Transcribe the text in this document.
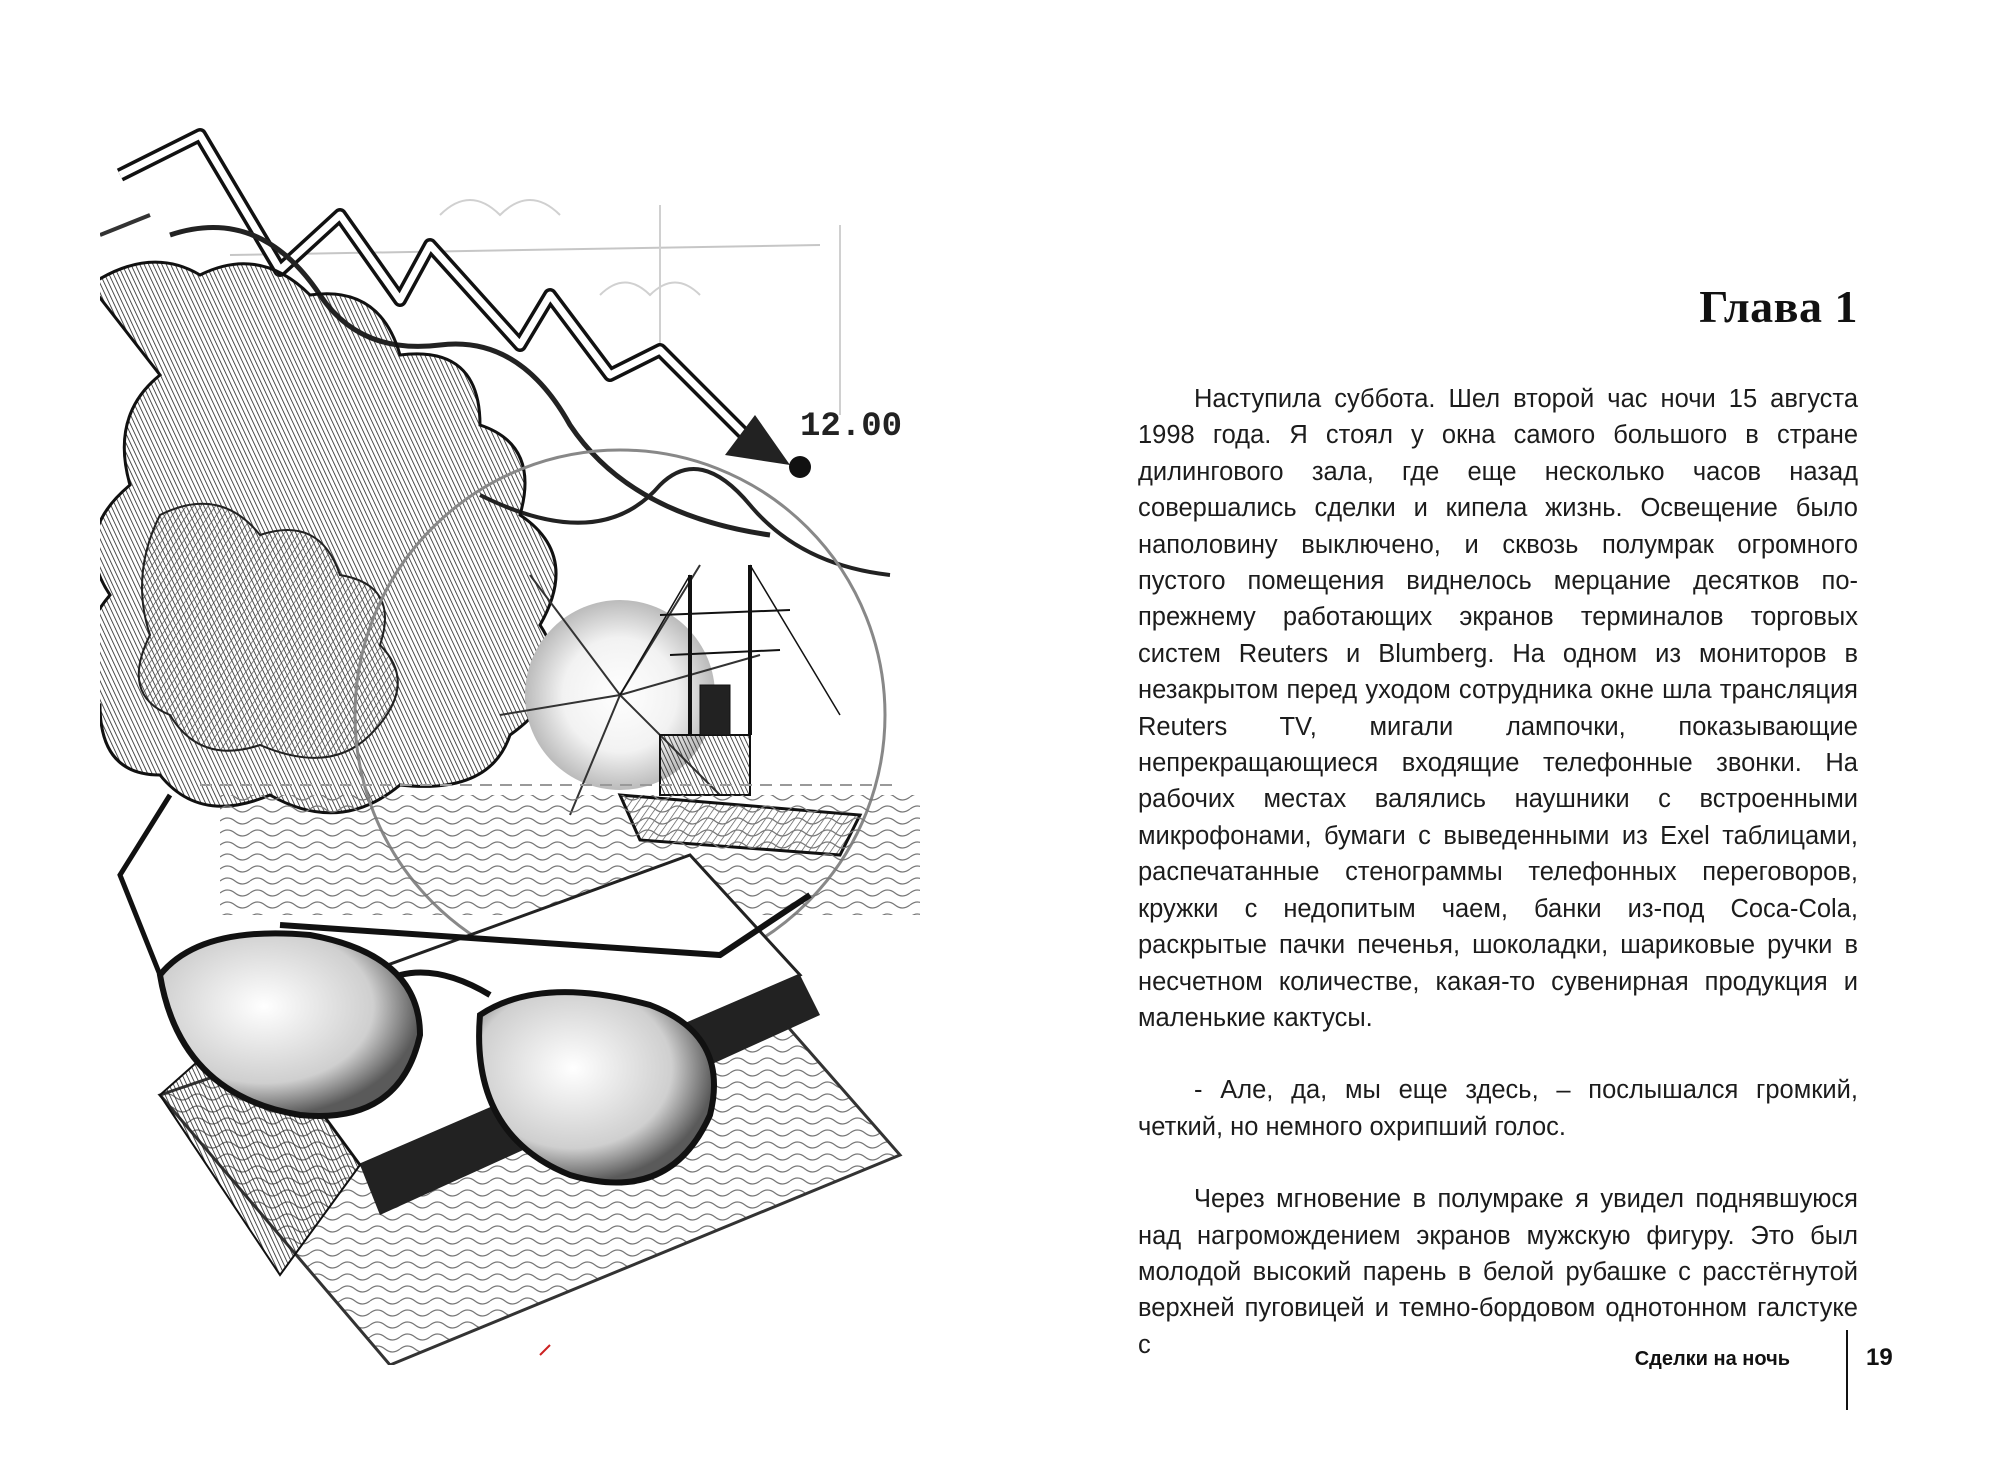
12.00
Глава 1

Наступила суббота. Шел второй час ночи 15 августа 1998 года. Я стоял у окна самого большого в стране дилингового зала, где еще несколько часов назад совершались сделки и кипела жизнь. Освещение было наполовину выключено, и сквозь полумрак огромного пустого помещения виднелось мерцание десятков по-прежнему работающих экранов терминалов торговых систем Reuters и Blumberg. На одном из мониторов в незакрытом перед уходом сотрудника окне шла трансляция Reuters TV, мигали лампочки, показывающие непрекращающиеся входящие телефонные звонки. На рабочих местах валялись наушники с встроенными микрофонами, бумаги с выведенными из Exel таблицами, распечатанные стенограммы телефонных переговоров, кружки с недопитым чаем, банки из-под Coca-Cola, раскрытые пачки печенья, шоколадки, шариковые ручки в несчетном количестве, какая-то сувенирная продукция и маленькие кактусы.

- Але, да, мы еще здесь, – послышался громкий, четкий, но немного охрипший голос.

Через мгновение в полумраке я увидел поднявшуюся над нагромождением экранов мужскую фигуру. Это был молодой высокий парень в белой рубашке с расстёгнутой верхней пуговицей и темно-бордовом однотонном галстуке с

Сделки на ночь	19
